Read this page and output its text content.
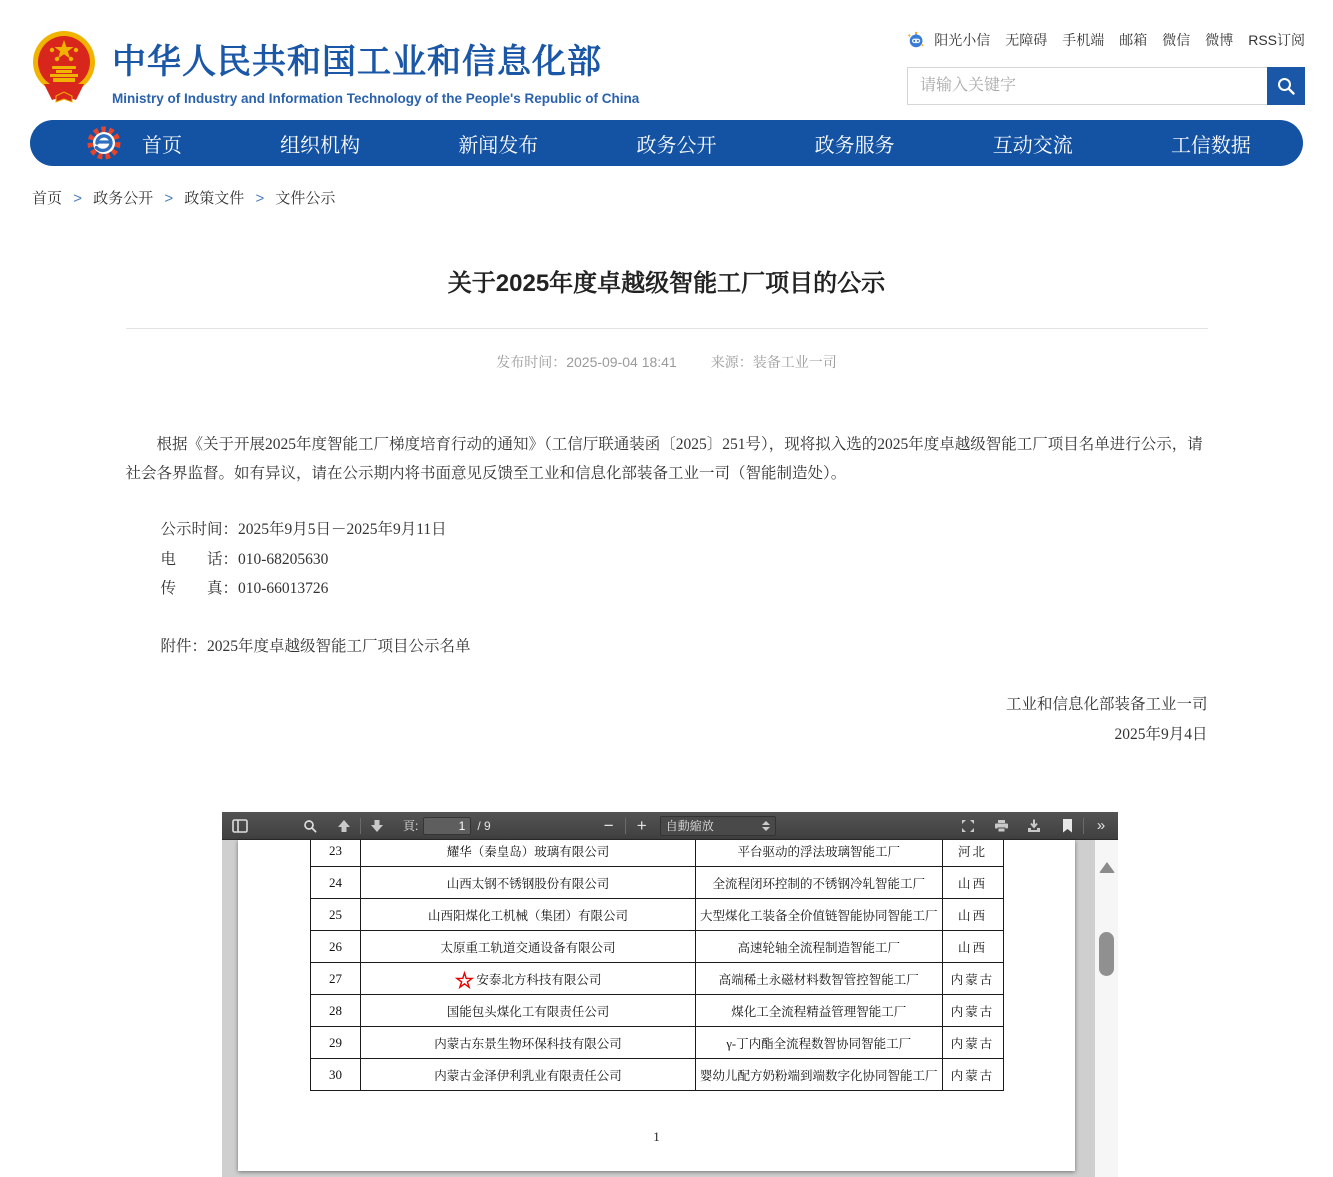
中华人民共和国工业和信息化部
Ministry of Industry and Information Technology of the People's Republic of China
阳光小信 无障碍 手机端 邮箱 微信 微博 RSS订阅
请输入关键字
首页	组织机构	新闻发布	政务公开	政务服务	互动交流	工信数据
首页 > 政务公开 > 政策文件 > 文件公示
关于2025年度卓越级智能工厂项目的公示
发布时间：2025-09-04 18:41 来源：装备工业一司

根据《关于开展2025年度智能工厂梯度培育行动的通知》（工信厅联通装函〔2025〕251号），现将拟入选的2025年度卓越级智能工厂项目名单进行公示，请社会各界监督。如有异议，请在公示期内将书面意见反馈至工业和信息化部装备工业一司（智能制造处）。

公示时间：2025年9月5日－2025年9月11日
电　　话：010-68205630
传　　真：010-66013726
附件：2025年度卓越级智能工厂项目公示名单
工业和信息化部装备工业一司
2025年9月4日
頁:
1	/ 9	−	+	自動縮放	»
23	耀华（秦皇岛）玻璃有限公司	平台驱动的浮法玻璃智能工厂	河北
24	山西太钢不锈钢股份有限公司	全流程闭环控制的不锈钢冷轧智能工厂	山西
25	山西阳煤化工机械（集团）有限公司	大型煤化工装备全价值链智能协同智能工厂	山西
26	太原重工轨道交通设备有限公司	高速轮轴全流程制造智能工厂	山西
27	☆ 安泰北方科技有限公司	高端稀土永磁材料数智管控智能工厂	内蒙古
28	国能包头煤化工有限责任公司	煤化工全流程精益管理智能工厂	内蒙古
29	内蒙古东景生物环保科技有限公司	γ-丁内酯全流程数智协同智能工厂	内蒙古
30	内蒙古金泽伊利乳业有限责任公司	婴幼儿配方奶粉端到端数字化协同智能工厂	内蒙古
1
